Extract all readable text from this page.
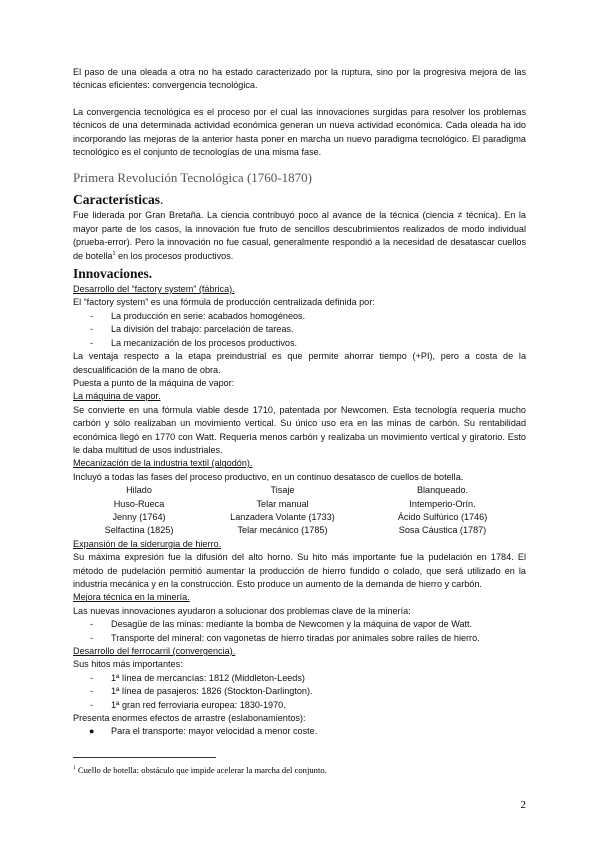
El paso de una oleada a otra no ha estado caracterizado por la ruptura, sino por la progresiva mejora de las técnicas eficientes: convergencia tecnológica.

La convergencia tecnológica es el proceso por el cual las innovaciones surgidas para resolver los problemas técnicos de una determinada actividad económica generan un nueva actividad económica. Cada oleada ha ido incorporando las mejoras de la anterior hasta poner en marcha un nuevo paradigma tecnológico. El paradigma tecnológico es el conjunto de tecnologías de una misma fase.

Primera Revolución Tecnológica (1760-1870)
Características.

Fue liderada por Gran Bretaña. La ciencia contribuyó poco al avance de la técnica (ciencia ≠ técnica). En la mayor parte de los casos, la innovación fue fruto de sencillos descubrimientos realizados de modo individual (prueba-error). Pero la innovación no fue casual, generalmente respondió a la necesidad de desatascar cuellos de botella$^1$ en los procesos productivos.

Innovaciones.

Desarrollo del “factory system” (fábrica).

El “factory system” es una fórmula de producción centralizada definida por:

- La producción en serie: acabados homogéneos.
- La división del trabajo: parcelación de tareas.
- La mecanización de los procesos productivos.

La ventaja respecto a la etapa preindustrial es que permite ahorrar tiempo (+PI), pero a costa de la descualificación de la mano de obra.

Puesta a punto de la máquina de vapor:

La máquina de vapor.

Se convierte en una fórmula viable desde 1710, patentada por Newcomen. Esta tecnología requería mucho carbón y sólo realizaban un movimiento vertical. Su único uso era en las minas de carbón. Su rentabilidad económica llegó en 1770 con Watt. Requería menos carbón y realizaba un movimiento vertical y giratorio. Esto le daba multitud de usos industriales.

Mecanización de la industria textil (algodón).

Incluyó a todas las fases del proceso productivo, en un continuo desatasco de cuellos de botella.

Hilado	Tisaje	Blanqueado.
Huso-Rueca	Telar manual	Intemperio-Orín.
Jenny (1764)	Lanzadera Volante (1733)	Ácido Sulfúrico (1746)
Selfactina (1825)	Telar mecánico (1785)	Sosa Cáustica (1787)

Expansión de la siderurgia de hierro.

Su máxima expresión fue la difusión del alto horno. Su hito más importante fue la pudelación en 1784. El método de pudelación permitió aumentar la producción de hierro fundido o colado, que será utilizado en la industria mecánica y en la construcción. Esto produce un aumento de la demanda de hierro y carbón.

Mejora técnica en la minería.

Las nuevas innovaciones ayudaron a solucionar dos problemas clave de la minería:

- Desagüe de las minas: mediante la bomba de Newcomen y la máquina de vapor de Watt.
- Transporte del mineral: con vagonetas de hierro tiradas por animales sobre raíles de hierro.

Desarrollo del ferrocarril (convergencia).

Sus hitos más importantes:

- 1ª línea de mercancías: 1812 (Middleton-Leeds)
- 1ª línea de pasajeros: 1826 (Stockton-Darlington).
- 1ª gran red ferroviaria europea: 1830-1970.

Presenta enormes efectos de arrastre (eslabonamientos):

● Para el transporte: mayor velocidad a menor coste.
$^1$ Cuello de botella: obstáculo que impide acelerar la marcha del conjunto.
2
